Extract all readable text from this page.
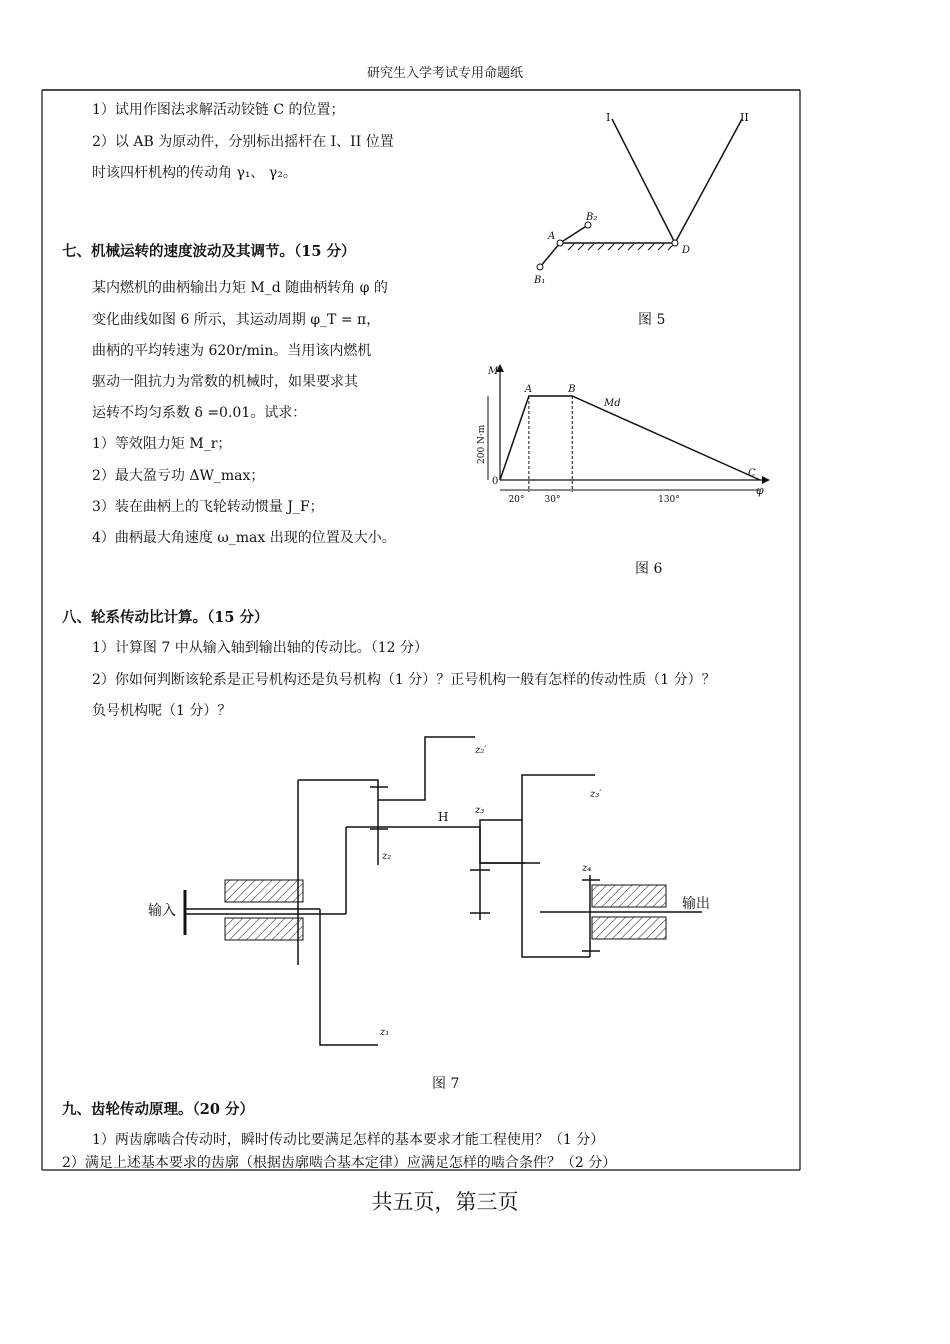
研究生入学考试专用命题纸
1）试用作图法求解活动铰链 C 的位置；
2）以 AB 为原动件，分别标出摇杆在 I、II 位置
时该四杆机构的传动角 γ₁、 γ₂。
I	II
A
B₂
B₁
D
图 5
七、机械运转的速度波动及其调节。（15 分）
某内燃机的曲柄输出力矩 M_d 随曲柄转角 φ 的
变化曲线如图 6 所示，其运动周期 φ_T = π，
曲柄的平均转速为 620r/min。当用该内燃机
驱动一阻抗力为常数的机械时，如果要求其
运转不均匀系数 δ =0.01。试求：
1）等效阻力矩 M_r；
2）最大盈亏功 ΔW_max；
3）装在曲柄上的飞轮转动惯量 J_F；
4）曲柄最大角速度 ω_max 出现的位置及大小。
200 N·m
M
0
φ
A	B
C
Md
20° 30°	130°
图 6
八、轮系传动比计算。（15 分）
1）计算图 7 中从输入轴到输出轴的传动比。（12 分）
2）你如何判断该轮系是正号机构还是负号机构（1 分）？正号机构一般有怎样的传动性质（1 分）？
负号机构呢（1 分）？
输入	输出
H
z₁
z₂
z₂′
z₃
z₃′
z₄
图 7
九、齿轮传动原理。（20 分）
1）两齿廓啮合传动时，瞬时传动比要满足怎样的基本要求才能工程使用？（1 分）
2）满足上述基本要求的齿廓（根据齿廓啮合基本定律）应满足怎样的啮合条件？（2 分）
共五页，第三页
